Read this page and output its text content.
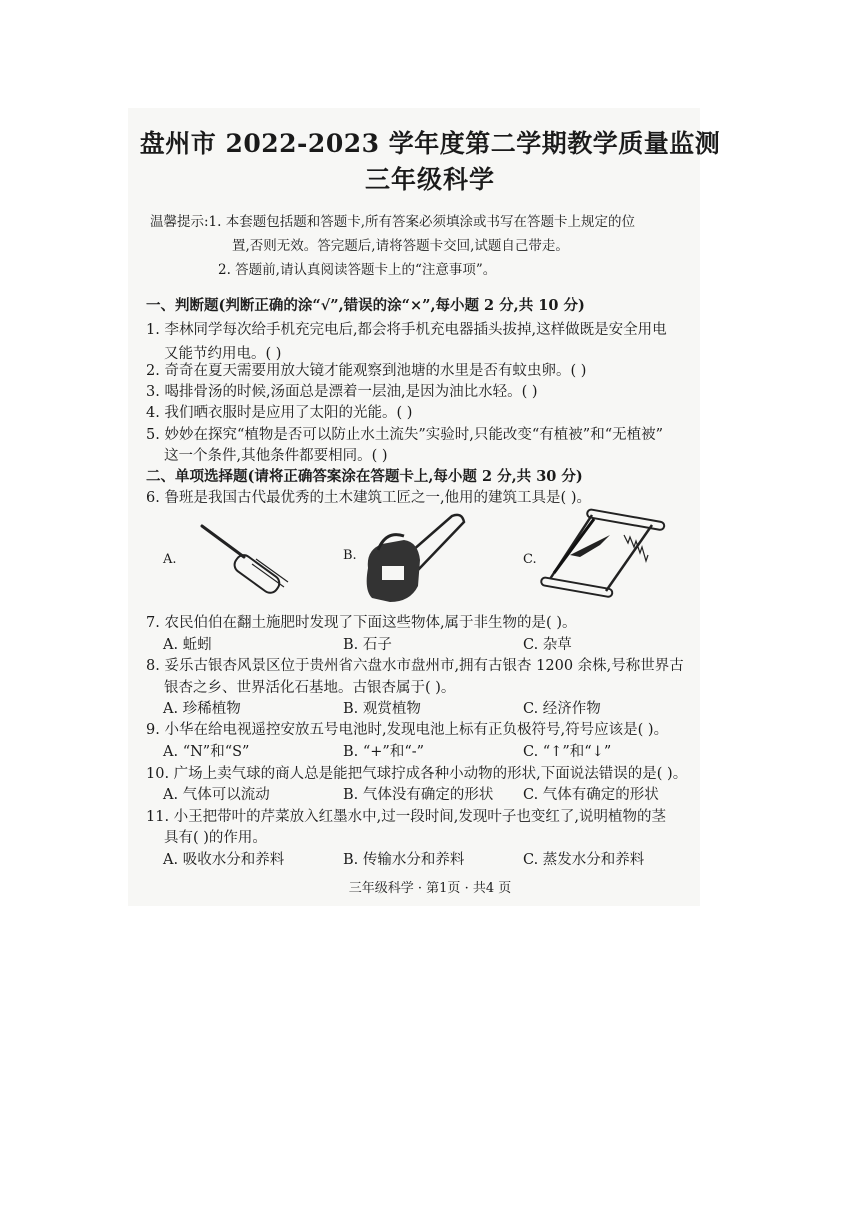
盘州市 2022-2023 学年度第二学期教学质量监测
三年级科学
温馨提示:1. 本套题包括题和答题卡,所有答案必须填涂或书写在答题卡上规定的位
置,否则无效。答完题后,请将答题卡交回,试题自己带走。
2. 答题前,请认真阅读答题卡上的“注意事项”。
一、判断题(判断正确的涂“√”,错误的涂“×”,每小题 2 分,共 10 分)
1. 李林同学每次给手机充完电后,都会将手机充电器插头拔掉,这样做既是安全用电
又能节约用电。( )
2. 奇奇在夏天需要用放大镜才能观察到池塘的水里是否有蚊虫卵。( )
3. 喝排骨汤的时候,汤面总是漂着一层油,是因为油比水轻。( )
4. 我们晒衣服时是应用了太阳的光能。( )
5. 妙妙在探究“植物是否可以防止水土流失”实验时,只能改变“有植被”和“无植被”
这一个条件,其他条件都要相同。( )
二、单项选择题(请将正确答案涂在答题卡上,每小题 2 分,共 30 分)
6. 鲁班是我国古代最优秀的土木建筑工匠之一,他用的建筑工具是( )。
A.	B.	C.
7. 农民伯伯在翻土施肥时发现了下面这些物体,属于非生物的是( )。
A. 蚯蚓	B. 石子	C. 杂草
8. 妥乐古银杏风景区位于贵州省六盘水市盘州市,拥有古银杏 1200 余株,号称世界古
银杏之乡、世界活化石基地。古银杏属于( )。
A. 珍稀植物	B. 观赏植物	C. 经济作物
9. 小华在给电视遥控安放五号电池时,发现电池上标有正负极符号,符号应该是( )。
A. “N”和“S”	B. “+”和“-”	C. “↑”和“↓”
10. 广场上卖气球的商人总是能把气球拧成各种小动物的形状,下面说法错误的是( )。
A. 气体可以流动	B. 气体没有确定的形状 C. 气体有确定的形状
11. 小王把带叶的芹菜放入红墨水中,过一段时间,发现叶子也变红了,说明植物的茎
具有( )的作用。
A. 吸收水分和养料	B. 传输水分和养料	C. 蒸发水分和养料
三年级科学 · 第1页 · 共4 页
